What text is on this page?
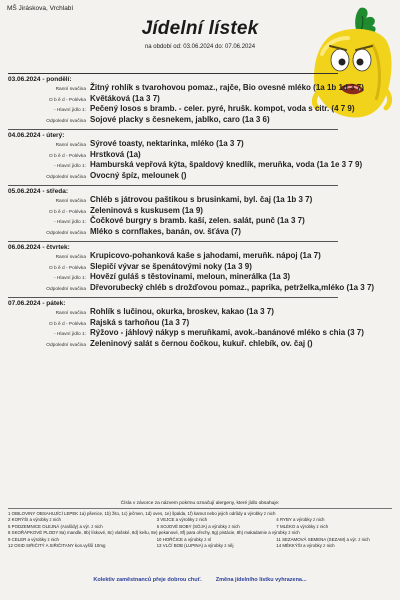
MŠ Jiráskova, Vrchlabí
Jídelní lístek
na období od: 03.06.2024 do: 07.06.2024
03.06.2024 - pondělí:
Ranní svačina Žitný rohlík s tvarohovou pomaz., rajče, Bio ovesné mléko (1a 1b 1d 3 7)
O b ě d - Polévka Květáková (1a 3 7)
- Hlavní jídlo 1: Pečený losos s bramb. - celer. pyré, hrušk. kompot, voda s citr. (4 7 9)
Odpolední svačina Sojové placky s česnekem, jablko, caro (1a 3 6)
04.06.2024 - úterý:
Ranní svačina Sýrové toasty, nektarinka, mléko (1a 3 7)
O b ě d - Polévka Hrstková (1a)
- Hlavní jídlo 1: Hamburská vepřová kýta, špaldový knedlík, meruňka, voda (1a 1e 3 7 9)
Odpolední svačina Ovocný špíz, meloun‍ek ()
05.06.2024 - středa:
Ranní svačina Chléb s játrovou paštikou s brusinkami, byl. čaj (1a 1b 3 7)
O b ě d - Polévka Zeleninová s kuskusem (1a 9)
- Hlavní jídlo 1: Čočkové burgry s bramb. kaší, zelen. salát, punč (1a 3 7)
Odpolední svačina Mléko s cornflakes, banán, ov. šťáva (7)
06.06.2024 - čtvrtek:
Ranní svačina Krupicovo-pohanková kaše s jahodami, meruňk. nápoj (1a 7)
O b ě d - Polévka Slepičí vývar se špenátovými noky (1a 3 9)
- Hlavní jídlo 1: Hovězí guláš s těstovinami, meloun, minerálka (1a 3)
Odpolední svačina Dřevorubecký chléb s drožďovou pomaz., paprika, petrželka,mléko (1a 3 7)
07.06.2024 - pátek:
Ranní svačina Rohlík s lučinou, okurka, broskev, kakao (1a 3 7)
O b ě d - Polévka Rajská s tarhoňou (1a 3 7)
- Hlavní jídlo 1: Rýžovo - jáhlový nákyp s meruňkami, avok.-banánové mléko s chia (3 7)
Odpolední svačina Zeleninový salát s černou čočkou, kukuř. chlebík, ov. čaj ()
Čísla v závorce za názvem pokrmu označují alergeny, které jídlo obsahuje:
1 OBILOVINY OBSAHUJÍCÍ LEPEK 1a) pšenice, 1b) žito, 1c) ječmen, 1d) oves, 1e) špalda, 1f) kamut nebo jejich odrůdy a výrobky z nich
2 KORÝŠI a výrobky z nich	3 VEJCE a výrobky z nich	4 RYBY a výrobky z nich
5 PODZEMNICE OLEJNÁ (Arašídy) a výr. z nich	6 SOJOVÉ BOBY (SÓJA) a výrobky z nich	7 MLÉKO a výrobky z nich
8 SKOŘÁPKOVÉ PLODY 8a) mandle, 8b) lískové, 8c) vlašské, 8d) kešu, 8e) pekanové, 8f) para ořechy, 8g) pistácie, 8h) makadamie a výrobky z nich
9 CELER a výrobky z nich	10 HOŘČICE a výrobky z ní	11 SEZAMOVÁ SEMENA (SEZAM) a výr. z nich
12 OXID SIŘIČITÝ A SIŘIČITANY kon.vyšší 10mg	13 VLČÍ BOB (LUPINA) a výrobky z něj	14 MĚKKÝŠI a výrobky z nich
Kolektiv zaměstnanců přeje dobrou chuť.	Změna jídelního lístku vyhrazena...
